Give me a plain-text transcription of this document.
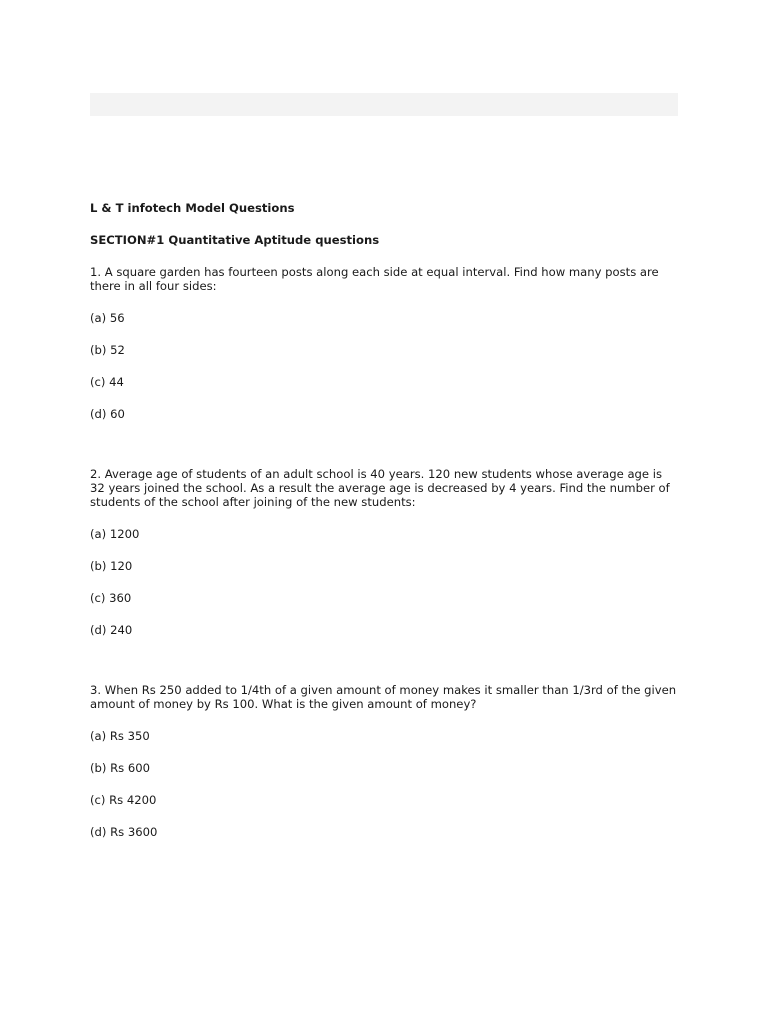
L & T infotech Model Questions

SECTION#1 Quantitative Aptitude questions

1. A square garden has fourteen posts along each side at equal interval. Find how many posts are there in all four sides:

(a) 56

(b) 52

(c) 44

(d) 60

2. Average age of students of an adult school is 40 years. 120 new students whose average age is 32 years joined the school. As a result the average age is decreased by 4 years. Find the number of students of the school after joining of the new students:

(a) 1200

(b) 120

(c) 360

(d) 240

3. When Rs 250 added to 1/4th of a given amount of money makes it smaller than 1/3rd of the given amount of money by Rs 100. What is the given amount of money?

(a) Rs 350

(b) Rs 600

(c) Rs 4200

(d) Rs 3600
